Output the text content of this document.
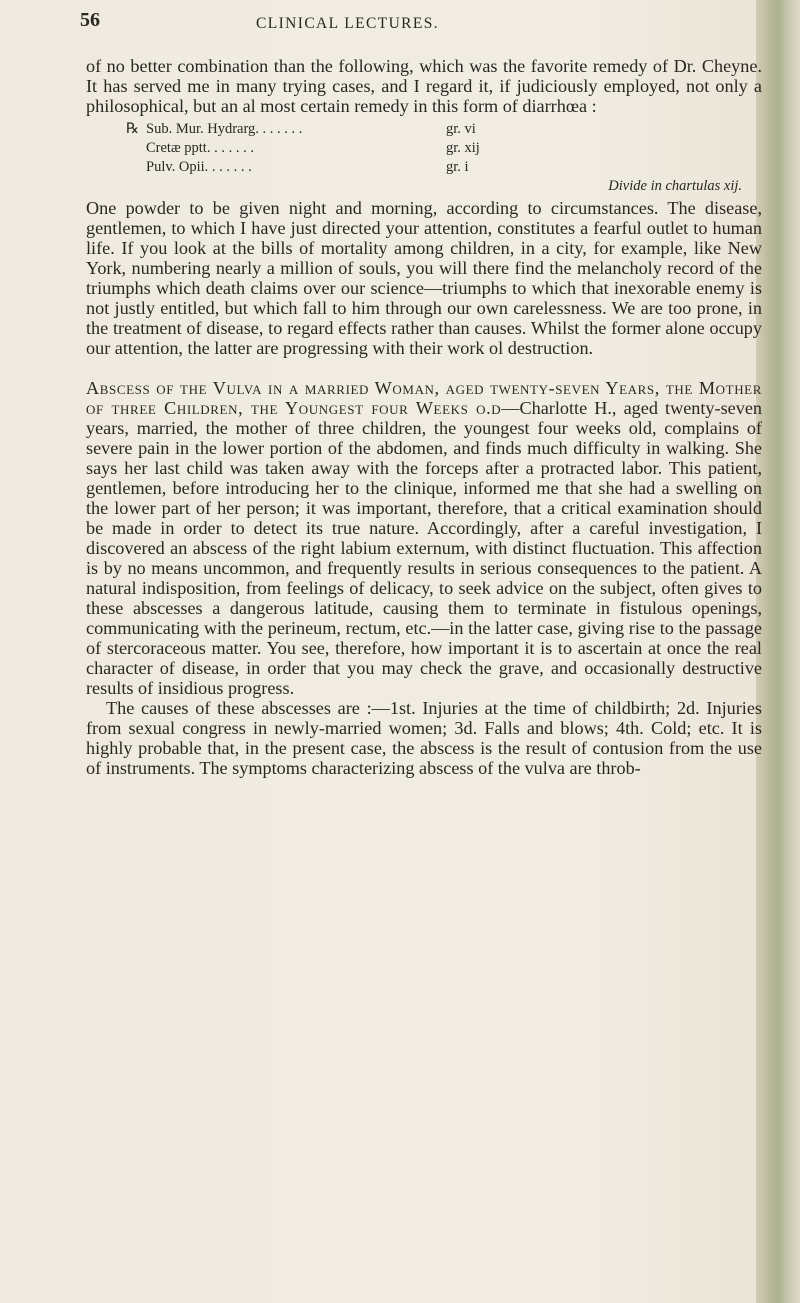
56	CLINICAL LECTURES.

of no better combination than the following, which was the favorite remedy of Dr. Cheyne. It has served me in many trying cases, and I regard it, if judiciously employed, not only a philosophical, but an al most certain remedy in this form of diarrhœa :

℞ Sub. Mur. Hydrarg. . . . . . .	gr. vi
Cretæ pptt. . . . . . .	gr. xij
Pulv. Opii. . . . . . .	gr. i
Divide in chartulas xij.

One powder to be given night and morning, according to circumstances. The disease, gentlemen, to which I have just directed your attention, constitutes a fearful outlet to human life. If you look at the bills of mortality among children, in a city, for example, like New York, numbering nearly a million of souls, you will there find the melancholy record of the triumphs which death claims over our science—triumphs to which that inexorable enemy is not justly entitled, but which fall to him through our own carelessness. We are too prone, in the treatment of disease, to regard effects rather than causes. Whilst the former alone occupy our attention, the latter are progressing with their work ol destruction.

Abscess of the Vulva in a married Woman, aged twenty-seven Years, the Mother of three Children, the Youngest four Weeks o.d—Charlotte H., aged twenty-seven years, married, the mother of three children, the youngest four weeks old, complains of severe pain in the lower portion of the abdomen, and finds much difficulty in walking. She says her last child was taken away with the forceps after a protracted labor. This patient, gentlemen, before introducing her to the clinique, informed me that she had a swelling on the lower part of her person; it was important, therefore, that a critical examination should be made in order to detect its true nature. Accordingly, after a careful investigation, I discovered an abscess of the right labium externum, with distinct fluctuation. This affection is by no means uncommon, and frequently results in serious consequences to the patient. A natural indisposition, from feelings of delicacy, to seek advice on the subject, often gives to these abscesses a dangerous latitude, causing them to terminate in fistulous openings, communicating with the perineum, rectum, etc.—in the latter case, giving rise to the passage of stercoraceous matter. You see, therefore, how important it is to ascertain at once the real character of disease, in order that you may check the grave, and occasionally destructive results of insidious progress.

The causes of these abscesses are :—1st. Injuries at the time of childbirth; 2d. Injuries from sexual congress in newly-married women; 3d. Falls and blows; 4th. Cold; etc. It is highly probable that, in the present case, the abscess is the result of contusion from the use of instruments. The symptoms characterizing abscess of the vulva are throb-
